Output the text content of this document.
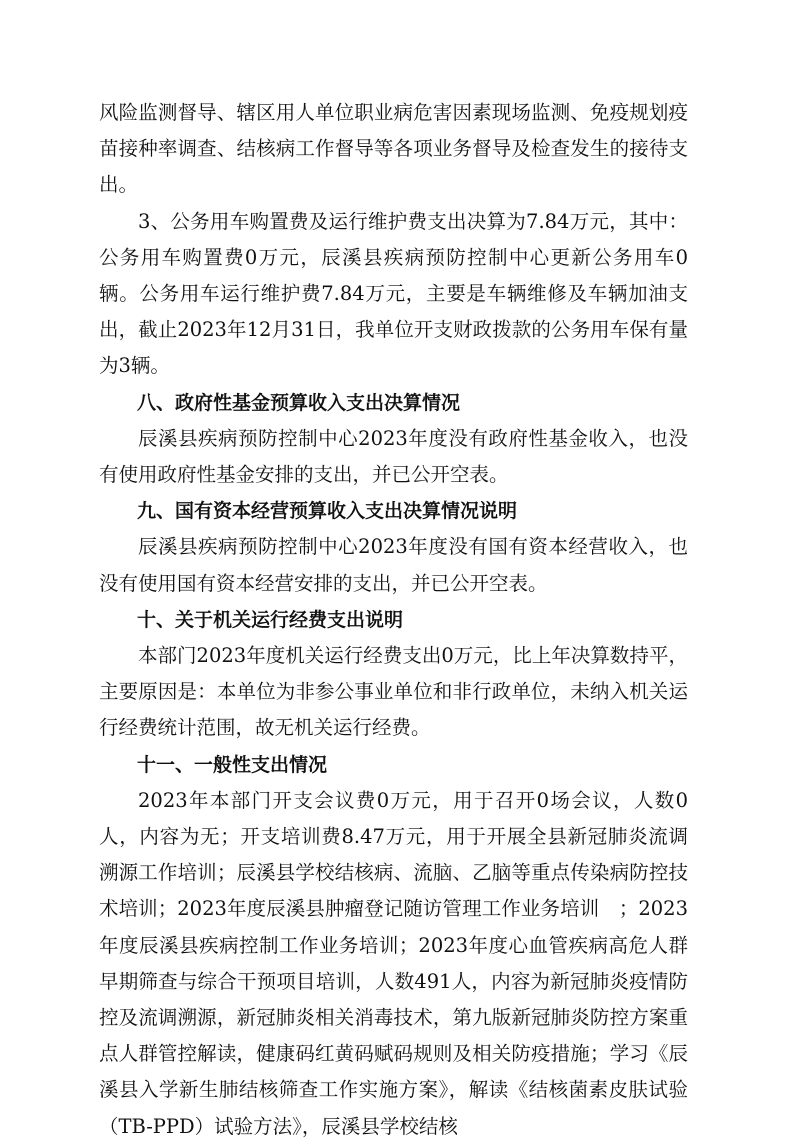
风险监测督导、辖区用人单位职业病危害因素现场监测、免疫规划疫苗接种率调查、结核病工作督导等各项业务督导及检查发生的接待支出。
3、公务用车购置费及运行维护费支出决算为7.84万元，其中：公务用车购置费0万元，辰溪县疾病预防控制中心更新公务用车0辆。公务用车运行维护费7.84万元，主要是车辆维修及车辆加油支出，截止2023年12月31日，我单位开支财政拨款的公务用车保有量为3辆。
八、政府性基金预算收入支出决算情况
辰溪县疾病预防控制中心2023年度没有政府性基金收入，也没有使用政府性基金安排的支出，并已公开空表。
九、国有资本经营预算收入支出决算情况说明
辰溪县疾病预防控制中心2023年度没有国有资本经营收入，也没有使用国有资本经营安排的支出，并已公开空表。
十、关于机关运行经费支出说明
本部门2023年度机关运行经费支出0万元，比上年决算数持平，主要原因是：本单位为非参公事业单位和非行政单位，未纳入机关运行经费统计范围，故无机关运行经费。
十一、一般性支出情况
2023年本部门开支会议费0万元，用于召开0场会议，人数0人，内容为无；开支培训费8.47万元，用于开展全县新冠肺炎流调溯源工作培训；辰溪县学校结核病、流脑、乙脑等重点传染病防控技术培训；2023年度辰溪县肿瘤登记随访管理工作业务培训　；2023年度辰溪县疾病控制工作业务培训；2023年度心血管疾病高危人群早期筛查与综合干预项目培训，人数491人，内容为新冠肺炎疫情防控及流调溯源，新冠肺炎相关消毒技术，第九版新冠肺炎防控方案重点人群管控解读，健康码红黄码赋码规则及相关防疫措施；学习《辰溪县入学新生肺结核筛查工作实施方案》，解读《结核菌素皮肤试验（TB-PPD）试验方法》，辰溪县学校结核
